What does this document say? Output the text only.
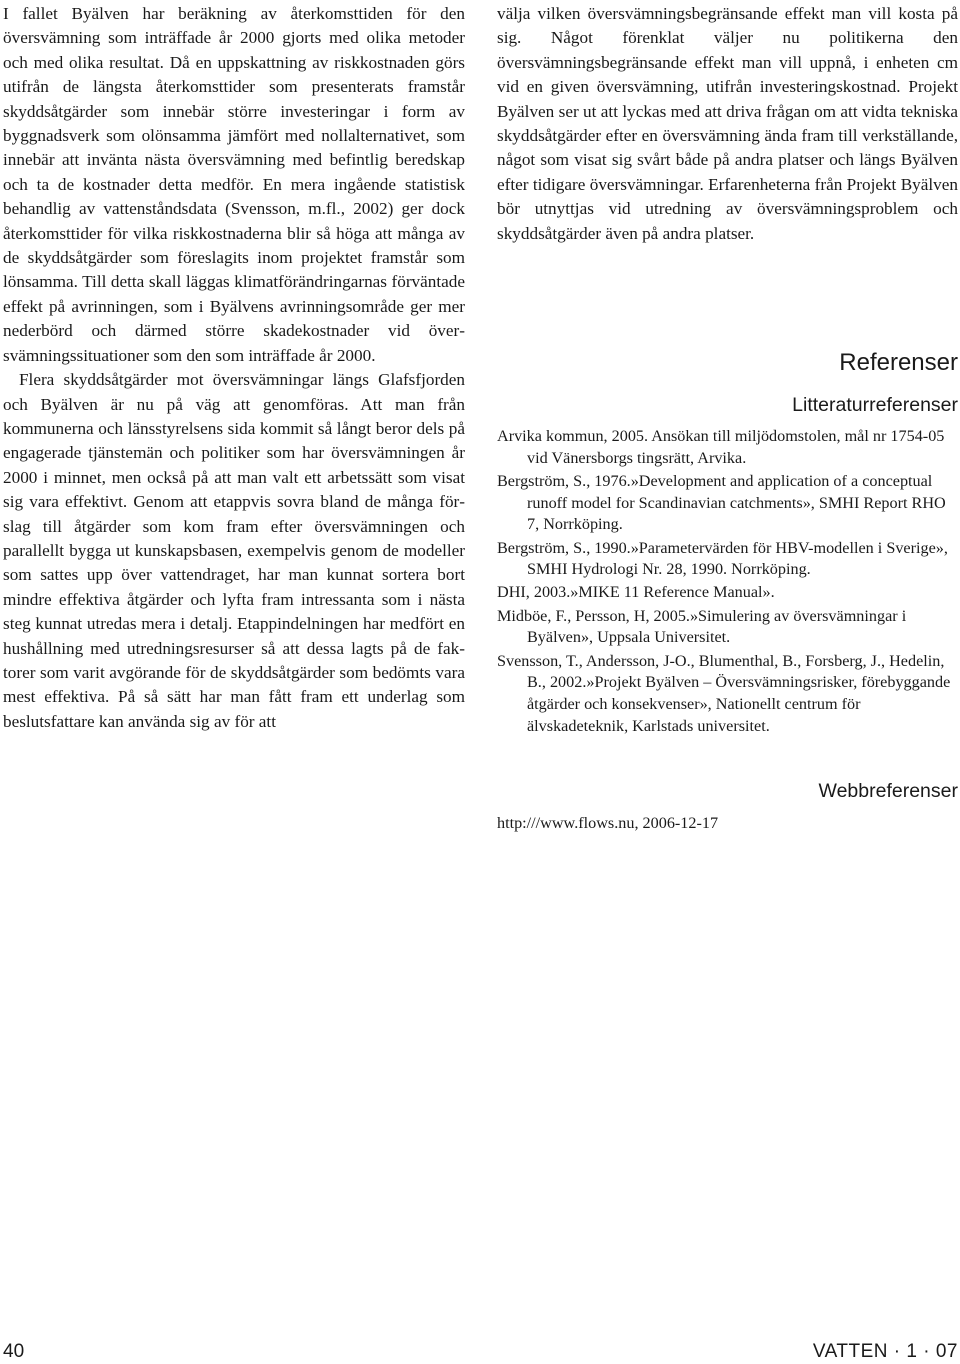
I fallet Byälven har beräkning av återkomsttiden för den översvämning som inträffade år 2000 gjorts med olika metoder och med olika resultat. Då en uppskattning av riskkostnaden görs utifrån de längsta återkomsttider som presenterats framstår skyddsåtgärder som innebär större investeringar i form av byggnadsverk som olönsamma jämfört med nollalternativet, som innebär att invänta nästa översvämning med befintlig beredskap och ta de kostnader detta medför. En mera ingående statistisk behandlig av vattenståndsdata (Svensson, m.fl., 2002) ger dock återkomsttider för vilka riskkostnaderna blir så höga att många av de skyddsåtgärder som föreslagits inom projektet framstår som lönsamma. Till detta skall läggas klimatförändringarnas förväntade effekt på avrinningen, som i Byälvens avrinningsområde ger mer nederbörd och därmed större skadekostnader vid översvämningssituationer som den som inträffade år 2000.

Flera skyddsåtgärder mot översvämningar längs Glafsfjorden och Byälven är nu på väg att genomföras. Att man från kommunerna och länsstyrelsens sida kommit så långt beror dels på engagerade tjänstemän och politiker som har översvämningen år 2000 i minnet, men också på att man valt ett arbetssätt som visat sig vara effektivt. Genom att etappvis sovra bland de många förslag till åtgärder som kom fram efter översvämningen och parallellt bygga ut kunskapsbasen, exempelvis genom de modeller som sattes upp över vattendraget, har man kunnat sortera bort mindre effektiva åtgärder och lyfta fram intressanta som i nästa steg kunnat utredas mera i detalj. Etappindelningen har medfört en hushållning med utredningsresurser så att dessa lagts på de faktorer som varit avgörande för de skyddsåtgärder som bedömts vara mest effektiva. På så sätt har man fått fram ett underlag som beslutsfattare kan använda sig av för att

välja vilken översvämningsbegränsande effekt man vill kosta på sig. Något förenklat väljer nu politikerna den översvämningsbegränsande effekt man vill uppnå, i enheten cm vid en given översvämning, utifrån investeringskostnad. Projekt Byälven ser ut att lyckas med att driva frågan om att vidta tekniska skyddsåtgärder efter en översvämning ända fram till verkställande, något som visat sig svårt både på andra platser och längs Byälven efter tidigare översvämningar. Erfarenheterna från Projekt Byälven bör utnyttjas vid utredning av översvämningsproblem och skyddsåtgärder även på andra platser.

Referenser
Litteraturreferenser
Arvika kommun, 2005. Ansökan till miljödomstolen, mål nr 1754-05 vid Vänersborgs tingsrätt, Arvika.
Bergström, S., 1976.»Development and application of a conceptual runoff model for Scandinavian catchments», SMHI Report RHO 7, Norrköping.
Bergström, S., 1990.»Parametervärden för HBV-modellen i Sverige», SMHI Hydrologi Nr. 28, 1990. Norrköping.
DHI, 2003.»MIKE 11 Reference Manual».
Midböe, F., Persson, H, 2005.»Simulering av översvämningar i Byälven», Uppsala Universitet.
Svensson, T., Andersson, J-O., Blumenthal, B., Forsberg, J., Hedelin, B., 2002.»Projekt Byälven – Översvämningsrisker, förebyggande åtgärder och konsekvenser», Nationellt centrum för älvskadeteknik, Karlstads universitet.
Webbreferenser

http:///www.flows.nu, 2006-12-17

40	VATTEN · 1 · 07
